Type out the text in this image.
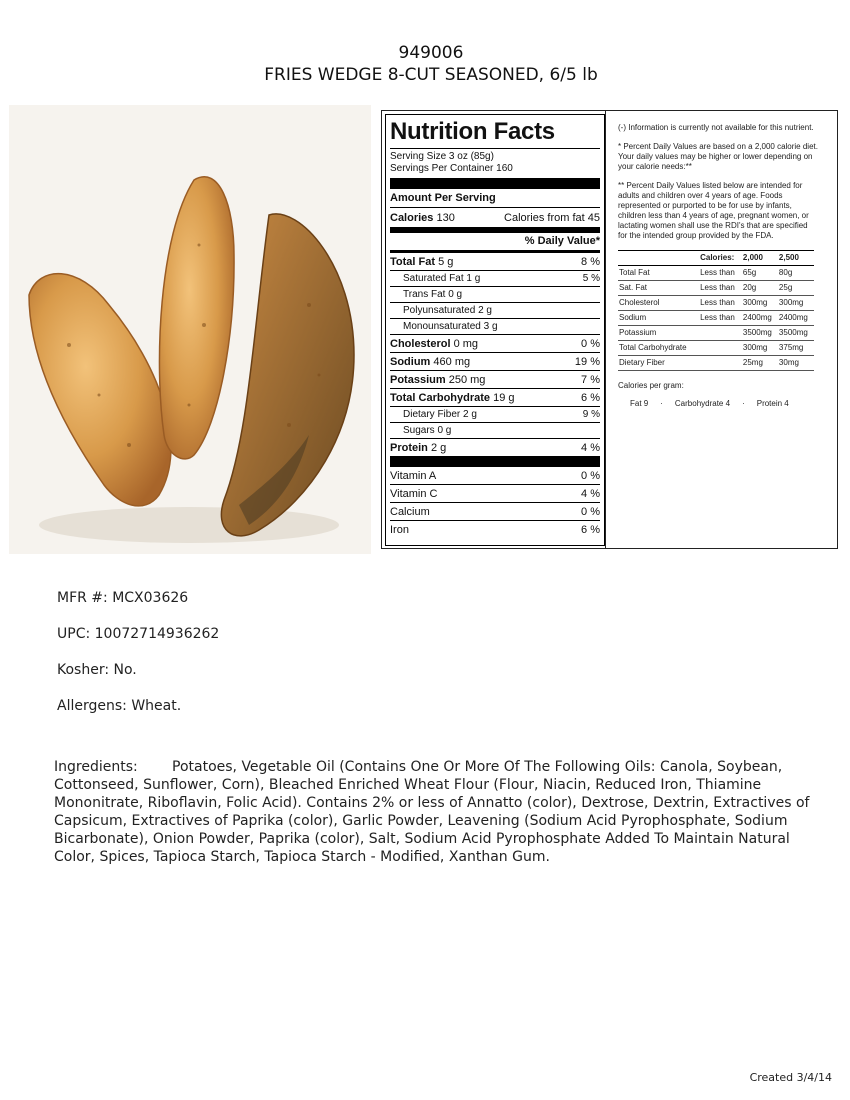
949006
FRIES WEDGE 8-CUT SEASONED, 6/5 lb
Nutrition Facts
Serving Size 3 oz (85g)
Servings Per Container 160
Amount Per Serving
Calories 130	Calories from fat 45
% Daily Value*
Total Fat 5 g	8 %
Saturated Fat 1 g	5 %
Trans Fat 0 g
Polyunsaturated 2 g
Monounsaturated 3 g
Cholesterol 0 mg	0 %
Sodium 460 mg	19 %
Potassium 250 mg	7 %
Total Carbohydrate 19 g	6 %
Dietary Fiber 2 g	9 %
Sugars 0 g
Protein 2 g	4 %
Vitamin A	0 %
Vitamin C	4 %
Calcium	0 %
Iron	6 %

(-) Information is currently not available for this nutrient.

* Percent Daily Values are based on a 2,000 calorie diet. Your daily values may be higher or lower depending on your calorie needs:**

** Percent Daily Values listed below are intended for adults and children over 4 years of age. Foods represented or purported to be for use by infants, children less than 4 years of age, pregnant women, or lactating women shall use the RDI's that are specified for the intended group provided by the FDA.

	Calories:	2,000	2,500
Total Fat	Less than	65g	80g
Sat. Fat	Less than	20g	25g
Cholesterol	Less than	300mg	300mg
Sodium	Less than	2400mg	2400mg
Potassium		3500mg	3500mg
Total Carbohydrate		300mg	375mg
Dietary Fiber		25mg	30mg
Calories per gram:
Fat 9 · Carbohydrate 4 · Protein 4
MFR #: MCX03626
UPC: 10072714936262
Kosher: No.
Allergens: Wheat.
Ingredients: Potatoes, Vegetable Oil (Contains One Or More Of The Following Oils: Canola, Soybean, Cottonseed, Sunflower, Corn), Bleached Enriched Wheat Flour (Flour, Niacin, Reduced Iron, Thiamine Mononitrate, Riboflavin, Folic Acid). Contains 2% or less of Annatto (color), Dextrose, Dextrin, Extractives of Capsicum, Extractives of Paprika (color), Garlic Powder, Leavening (Sodium Acid Pyrophosphate, Sodium Bicarbonate), Onion Powder, Paprika (color), Salt, Sodium Acid Pyrophosphate Added To Maintain Natural Color, Spices, Tapioca Starch, Tapioca Starch - Modified, Xanthan Gum.
Created 3/4/14
